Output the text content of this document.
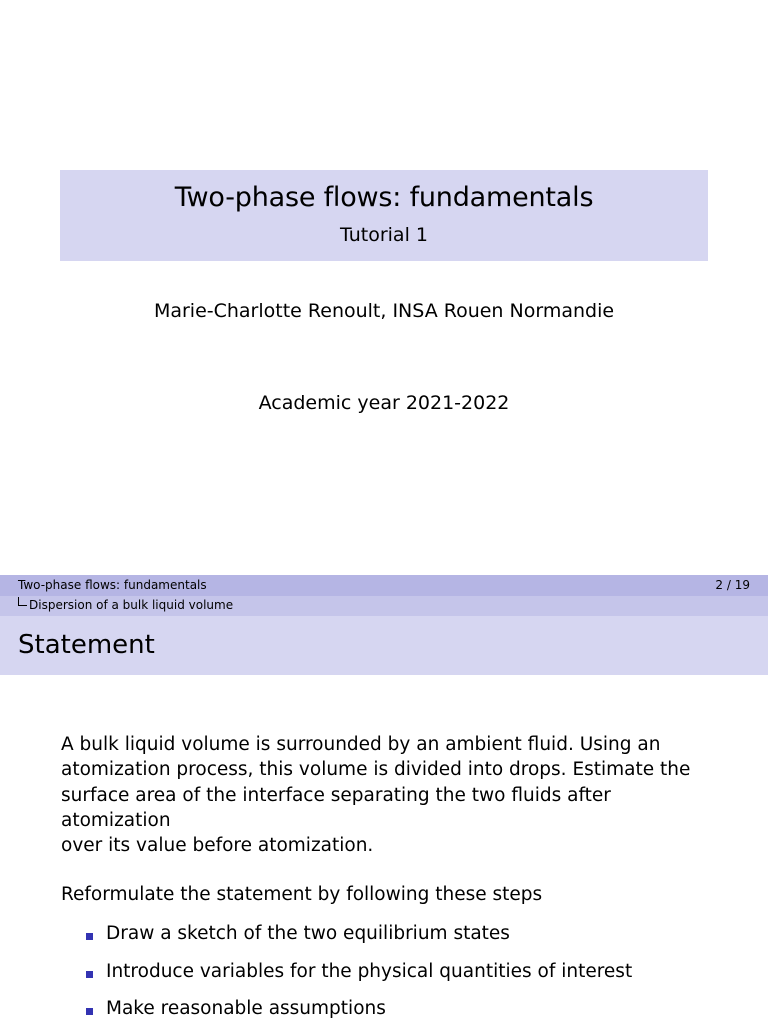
Two-phase flows: fundamentals
Tutorial 1
Marie-Charlotte Renoult, INSA Rouen Normandie
Academic year 2021-2022
Two-phase flows: fundamentals	2 / 19
Dispersion of a bulk liquid volume
Statement
A bulk liquid volume is surrounded by an ambient fluid. Using an
atomization process, this volume is divided into drops. Estimate the
surface area of the interface separating the two fluids after atomization
over its value before atomization.
Reformulate the statement by following these steps
Draw a sketch of the two equilibrium states
Introduce variables for the physical quantities of interest
Make reasonable assumptions
